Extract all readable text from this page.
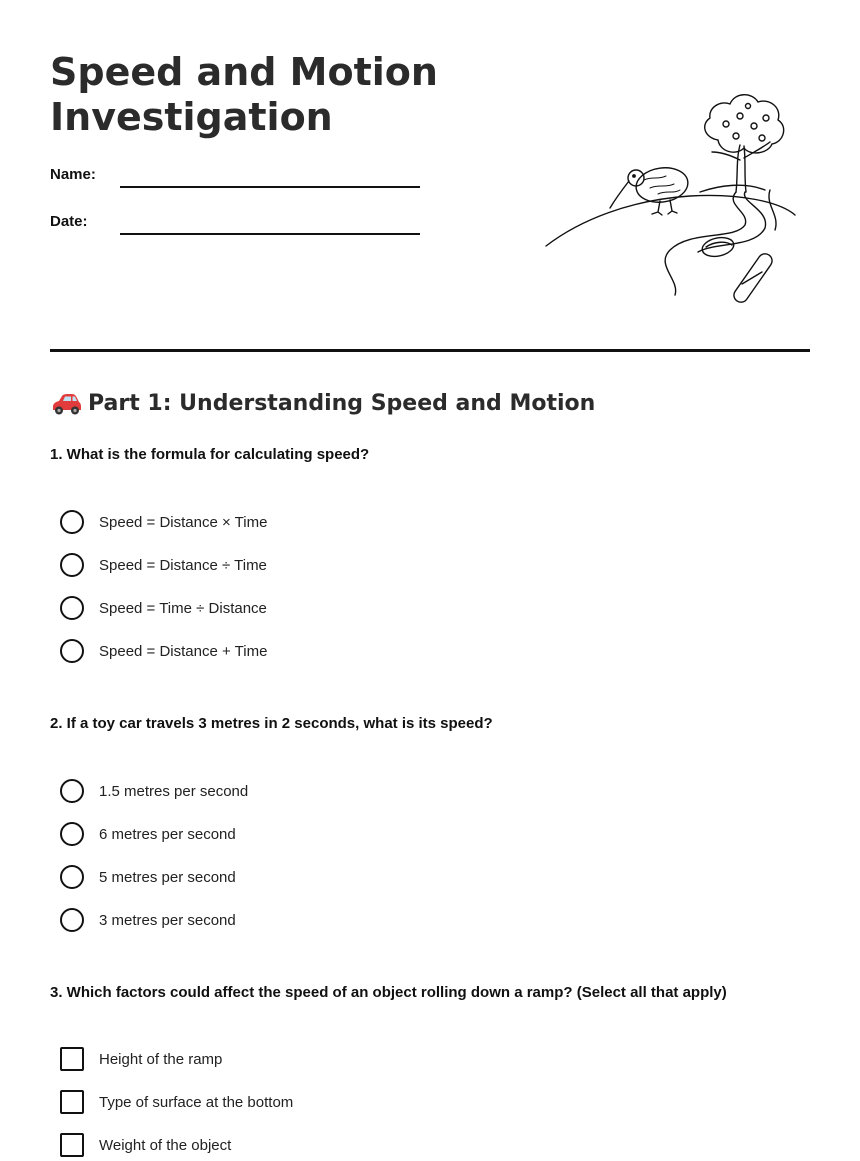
Speed and Motion
Investigation
Name:
Date:
Part 1: Understanding Speed and Motion

1. What is the formula for calculating speed?

Speed = Distance × Time
Speed = Distance ÷ Time
Speed = Time ÷ Distance
Speed = Distance + Time

2. If a toy car travels 3 metres in 2 seconds, what is its speed?

1.5 metres per second
6 metres per second
5 metres per second
3 metres per second

3. Which factors could affect the speed of an object rolling down a ramp? (Select all that apply)

Height of the ramp
Type of surface at the bottom
Weight of the object
